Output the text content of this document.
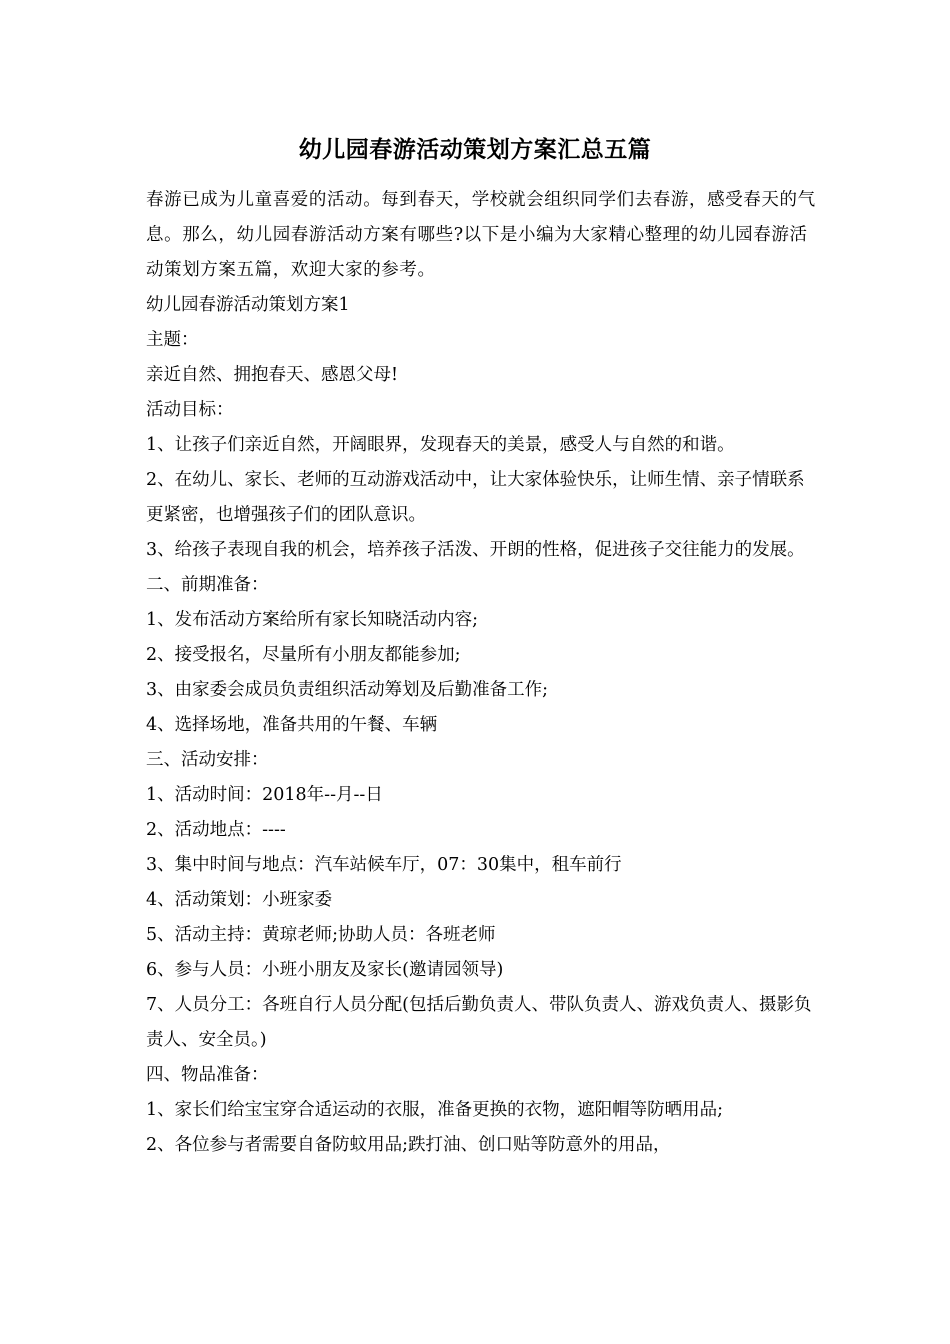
幼儿园春游活动策划方案汇总五篇

春游已成为儿童喜爱的活动。每到春天，学校就会组织同学们去春游，感受春天的气息。那么，幼儿园春游活动方案有哪些?以下是小编为大家精心整理的幼儿园春游活动策划方案五篇，欢迎大家的参考。

幼儿园春游活动策划方案1

主题：

亲近自然、拥抱春天、感恩父母!

活动目标：

1、让孩子们亲近自然，开阔眼界，发现春天的美景，感受人与自然的和谐。

2、在幼儿、家长、老师的互动游戏活动中，让大家体验快乐，让师生情、亲子情联系更紧密，也增强孩子们的团队意识。

3、给孩子表现自我的机会，培养孩子活泼、开朗的性格，促进孩子交往能力的发展。

二、前期准备：

1、发布活动方案给所有家长知晓活动内容;

2、接受报名，尽量所有小朋友都能参加;

3、由家委会成员负责组织活动筹划及后勤准备工作;

4、选择场地，准备共用的午餐、车辆

三、活动安排：

1、活动时间：2018年--月--日

2、活动地点：----

3、集中时间与地点：汽车站候车厅，07：30集中，租车前行

4、活动策划：小班家委

5、活动主持：黄琼老师;协助人员：各班老师

6、参与人员：小班小朋友及家长(邀请园领导)

7、人员分工：各班自行人员分配(包括后勤负责人、带队负责人、游戏负责人、摄影负责人、安全员。)

四、物品准备：

1、家长们给宝宝穿合适运动的衣服，准备更换的衣物，遮阳帽等防晒用品;

2、各位参与者需要自备防蚊用品;跌打油、创口贴等防意外的用品，
